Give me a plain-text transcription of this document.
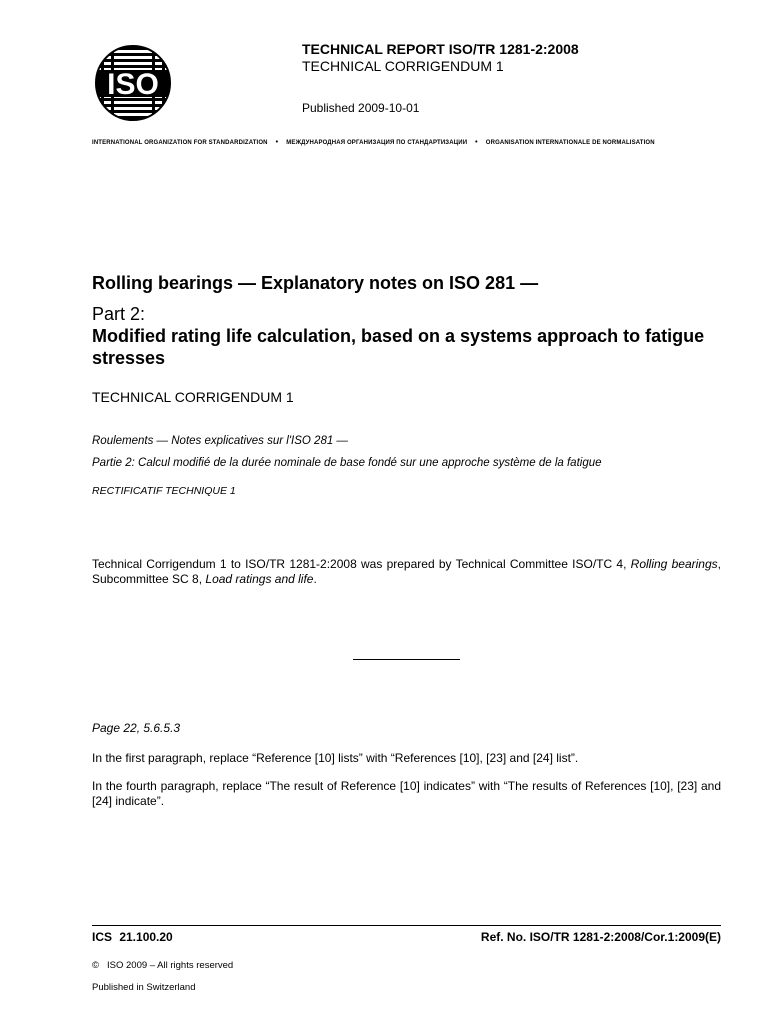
ISO
TECHNICAL REPORT ISO/TR 1281-2:2008
TECHNICAL CORRIGENDUM 1
Published 2009-10-01
INTERNATIONAL ORGANIZATION FOR STANDARDIZATION • МЕЖДУНАРОДНАЯ ОРГАНИЗАЦИЯ ПО СТАНДАРТИЗАЦИИ • ORGANISATION INTERNATIONALE DE NORMALISATION
Rolling bearings — Explanatory notes on ISO 281 —
Part 2:
Modified rating life calculation, based on a systems approach to fatigue stresses
TECHNICAL CORRIGENDUM 1
Roulements — Notes explicatives sur l'ISO 281 —
Partie 2: Calcul modifié de la durée nominale de base fondé sur une approche système de la fatigue
RECTIFICATIF TECHNIQUE 1
Technical Corrigendum 1 to ISO/TR 1281-2:2008 was prepared by Technical Committee ISO/TC 4, Rolling bearings, Subcommittee SC 8, Load ratings and life.
Page 22, 5.6.5.3
In the first paragraph, replace “Reference [10] lists” with “References [10], [23] and [24] list”.
In the fourth paragraph, replace “The result of Reference [10] indicates” with “The results of References [10], [23] and [24] indicate”.
ICS 21.100.20	Ref. No. ISO/TR 1281-2:2008/Cor.1:2009(E)
© ISO 2009 – All rights reserved
Published in Switzerland
